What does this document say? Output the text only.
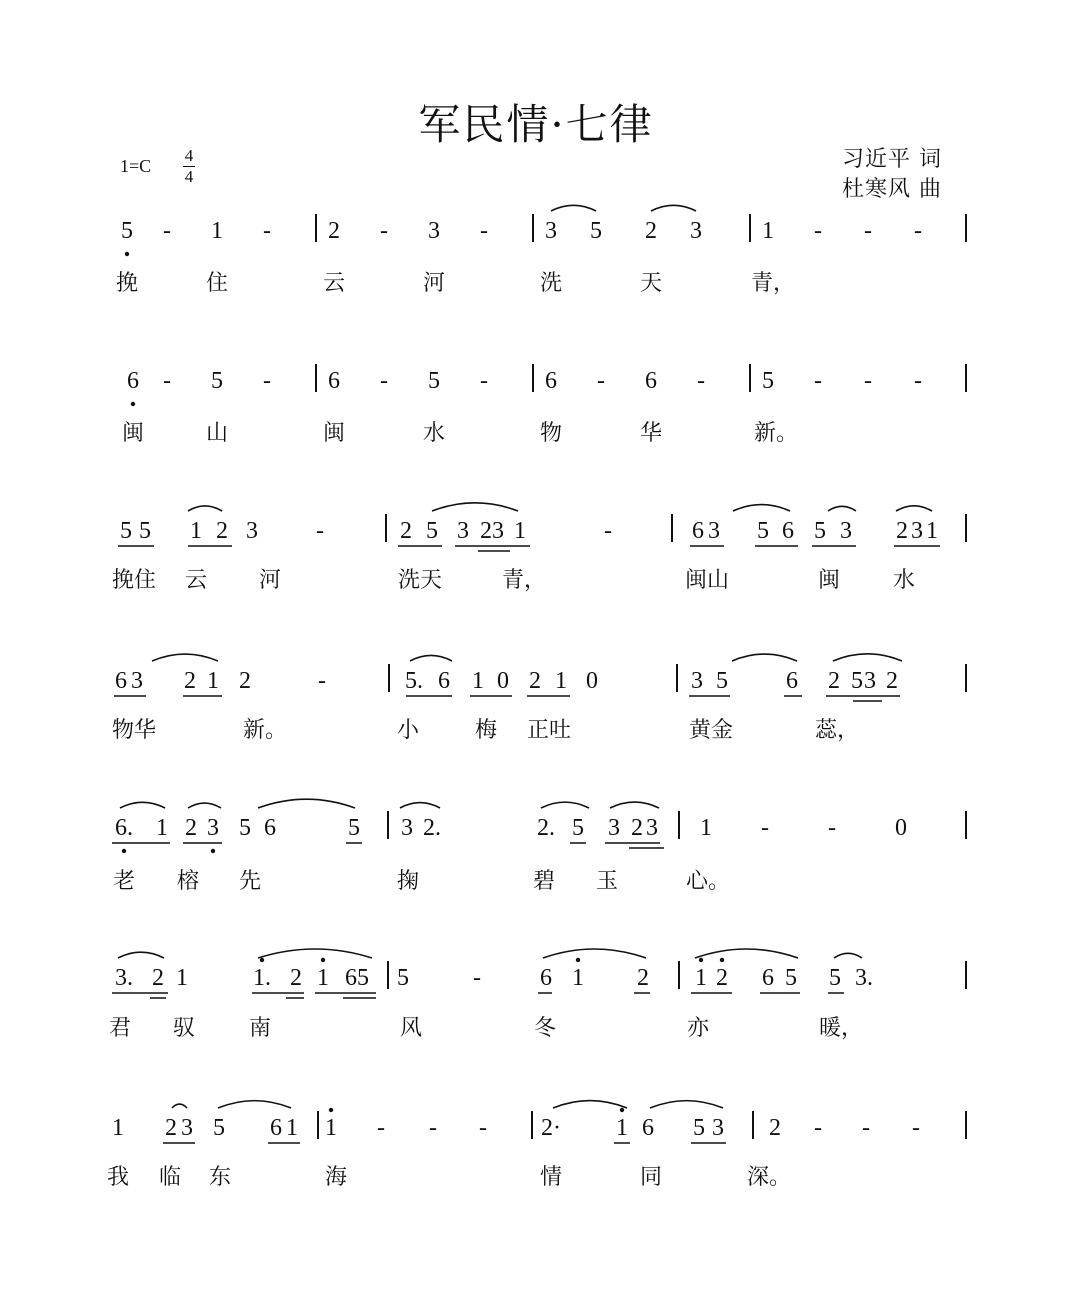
军民情·七律
1=C
4
4
习近平 词
杜寒风 曲
5 - 1 - 2 - 3 - 3 5 2 3	1 - - -
挽	住	云	河	洗	天	青，
6 - 5 - 6 - 5 - 6 - 6 - 5 - - -
闽	山	闽	水	物	华	新。
5 5 1 2 3 -	2 5 3 2 3 1	-	6 3 5 6 5 3 2 3 1
挽住 云 河	洗天	青，	闽山	闽 水
6 3 2 1 2	-	5. 6 1 0 2 1 0	3 5 6 2 5 3 2
物华	新。	小	梅 正吐	黄金	蕊，
6. 1 2 3 5 6	5 3 2.	2. 5 3 2 3 1 - - 0
老 榕 先	掬	碧 玉	心。
3. 2 1	1. 2 1 6 5 5	- 6 1 2 1 2 6 5 5 3.
君 驭 南	风	冬	亦	暖，
1 2 3 5 6 1 1 - - - 2· 1 6 5 3 2 - - -
我 临 东	海	情	同	深。
